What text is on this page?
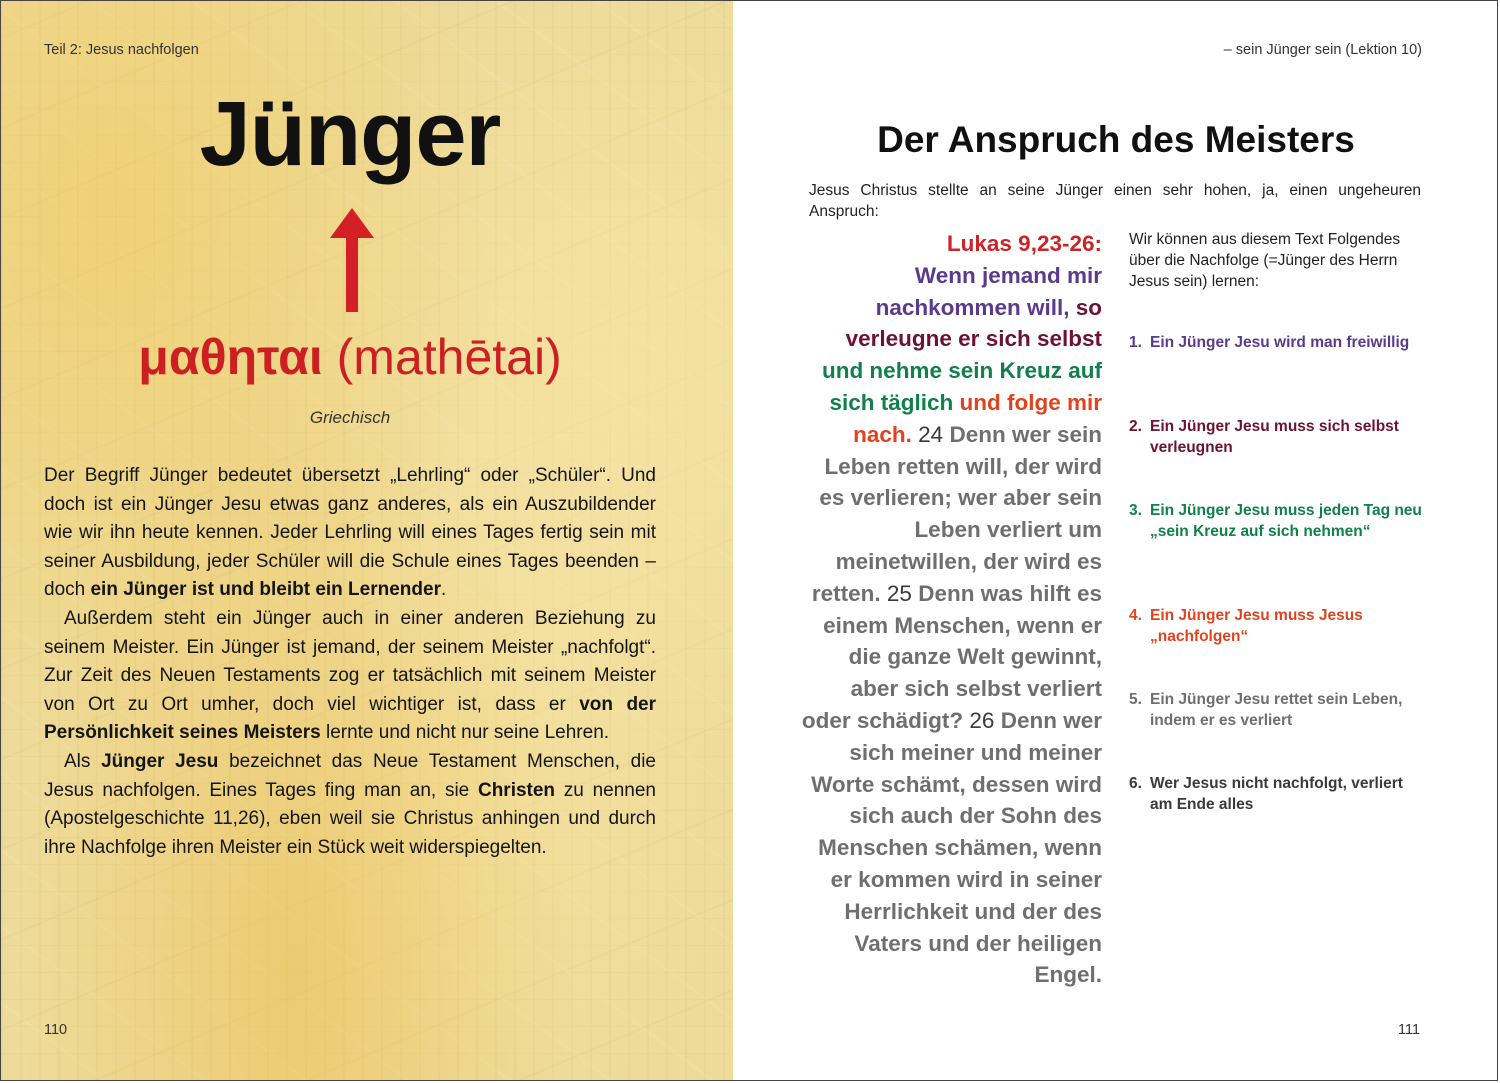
Teil 2: Jesus nachfolgen
Jünger
μαθηται (mathētai)
Griechisch

Der Begriff Jünger bedeutet übersetzt „Lehrling“ oder „Schüler“. Und doch ist ein Jünger Jesu etwas ganz anderes, als ein Auszubildender wie wir ihn heute kennen. Jeder Lehrling will eines Tages fertig sein mit seiner Ausbildung, jeder Schüler will die Schule eines Tages beenden – doch ein Jünger ist und bleibt ein Lernender.

Außerdem steht ein Jünger auch in einer anderen Beziehung zu seinem Meister. Ein Jünger ist jemand, der seinem Meister „nachfolgt“. Zur Zeit des Neuen Testaments zog er tatsächlich mit seinem Meister von Ort zu Ort umher, doch viel wichtiger ist, dass er von der Persönlichkeit seines Meisters lernte und nicht nur seine Lehren.

Als Jünger Jesu bezeichnet das Neue Testament Menschen, die Jesus nachfolgen. Eines Tages fing man an, sie Christen zu nennen (Apostelgeschichte 11,26), eben weil sie Christus anhingen und durch ihre Nachfolge ihren Meister ein Stück weit widerspiegelten.

110
– sein Jünger sein (Lektion 10)
Der Anspruch des Meisters
Jesus Christus stellte an seine Jünger einen sehr hohen, ja, einen ungeheuren Anspruch:
Lukas 9,23-26:
Wenn jemand mir nachkommen will, so verleugne er sich selbst und nehme sein Kreuz auf sich täglich und folge mir nach. 24 Denn wer sein Leben retten will, der wird es verlieren; wer aber sein Leben verliert um meinetwillen, der wird es retten. 25 Denn was hilft es einem Menschen, wenn er die ganze Welt gewinnt, aber sich selbst verliert oder schädigt? 26 Denn wer sich meiner und meiner Worte schämt, dessen wird sich auch der Sohn des Menschen schämen, wenn er kommen wird in seiner Herrlichkeit und der des Vaters und der heiligen Engel.
Wir können aus diesem Text Folgendes über die Nachfolge (=Jünger des Herrn Jesus sein) lernen:
1. Ein Jünger Jesu wird man freiwillig
2. Ein Jünger Jesu muss sich selbst verleugnen
3. Ein Jünger Jesu muss jeden Tag neu „sein Kreuz auf sich nehmen“
4. Ein Jünger Jesu muss Jesus „nachfolgen“
5. Ein Jünger Jesu rettet sein Leben, indem er es verliert
6. Wer Jesus nicht nachfolgt, verliert am Ende alles
111
